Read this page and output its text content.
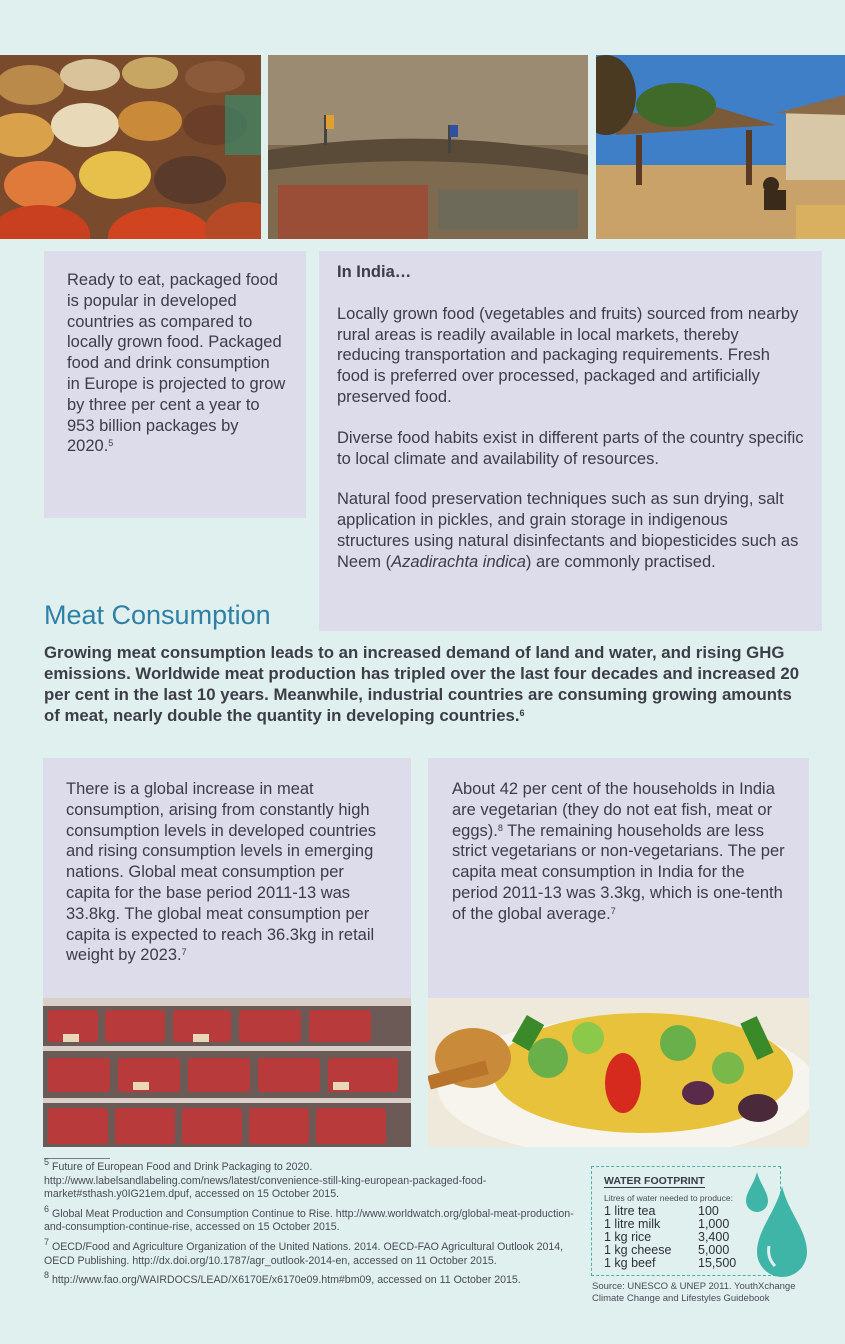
Ready to eat, packaged food is popular in developed countries as compared to locally grown food. Packaged food and drink consumption in Europe is projected to grow by three per cent a year to 953 billion packages by 2020.$^5$
In India…

Locally grown food (vegetables and fruits) sourced from nearby rural areas is readily available in local markets, thereby reducing transportation and packaging requirements. Fresh food is preferred over processed, packaged and artificially preserved food.

Diverse food habits exist in different parts of the country specific to local climate and availability of resources.

Natural food preservation techniques such as sun drying, salt application in pickles, and grain storage in indigenous structures using natural disinfectants and biopesticides such as Neem (Azadirachta indica) are commonly practised.

Meat Consumption
Growing meat consumption leads to an increased demand of land and water, and rising GHG emissions. Worldwide meat production has tripled over the last four decades and increased 20 per cent in the last 10 years. Meanwhile, industrial countries are consuming growing amounts of meat, nearly double the quantity in developing countries.$^6$
There is a global increase in meat consumption, arising from constantly high consumption levels in developed countries and rising consumption levels in emerging nations. Global meat consumption per capita for the base period 2011-13 was 33.8kg. The global meat consumption per capita is expected to reach 36.3kg in retail weight by 2023.$^7$
About 42 per cent of the households in India are vegetarian (they do not eat fish, meat or eggs).$^8$ The remaining households are less strict vegetarians or non-vegetarians. The per capita meat consumption in India for the period 2011-13 was 3.3kg, which is one-tenth of the global average.$^7$

$^5$ Future of European Food and Drink Packaging to 2020. http://www.labelsandlabeling.com/news/latest/convenience-still-king-european-packaged-food-market#sthash.y0IG21em.dpuf, accessed on 15 October 2015.

$^6$ Global Meat Production and Consumption Continue to Rise. http://www.worldwatch.org/global-meat-production-and-consumption-continue-rise, accessed on 15 October 2015.

$^7$ OECD/Food and Agriculture Organization of the United Nations. 2014. OECD-FAO Agricultural Outlook 2014, OECD Publishing. http://dx.doi.org/10.1787/agr_outlook-2014-en, accessed on 11 October 2015.

$^8$ http://www.fao.org/WAIRDOCS/LEAD/X6170E/x6170e09.htm#bm09, accessed on 11 October 2015.

WATER FOOTPRINT
Litres of water needed to produce:
1 litre tea	100
1 litre milk	1,000
1 kg rice	3,400
1 kg cheese 5,000
1 kg beef	15,500
Source: UNESCO & UNEP 2011. YouthXchange Climate Change and Lifestyles Guidebook
